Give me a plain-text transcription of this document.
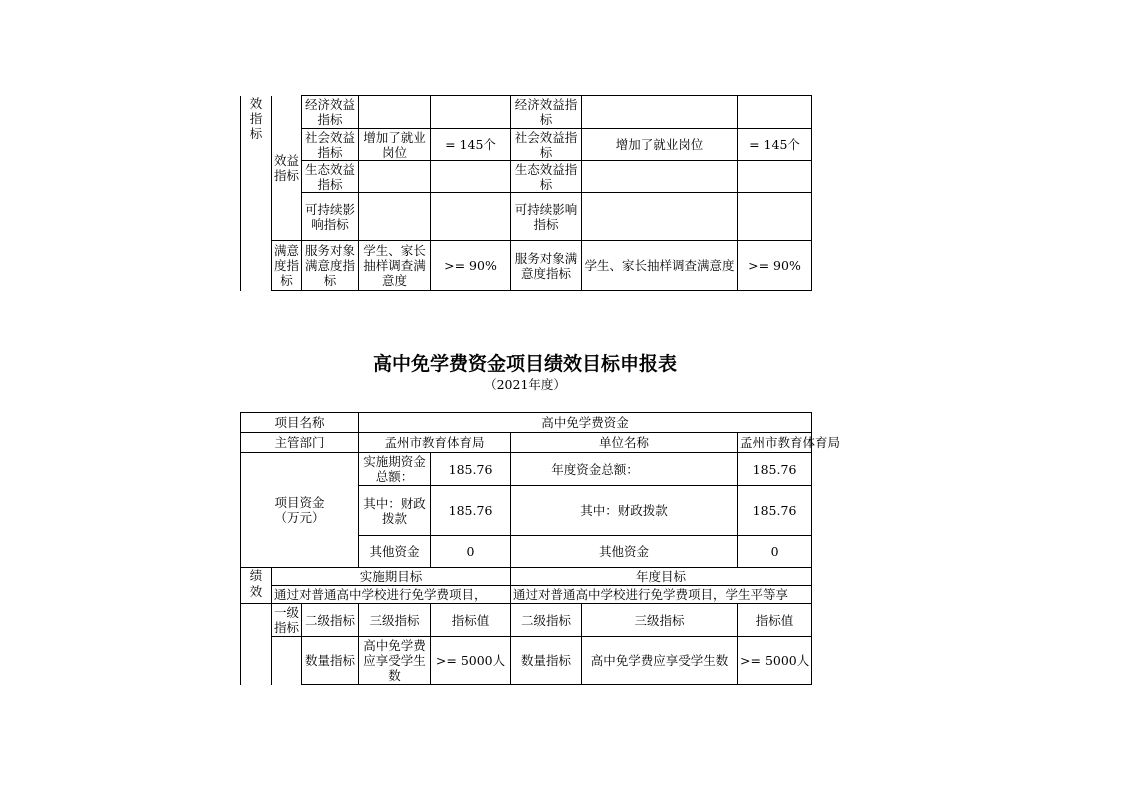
效指标	效益指标	经济效益指标			经济效益指标		
		社会效益指标	增加了就业岗位	= 145个	社会效益指标	增加了就业岗位	= 145个
		生态效益指标			生态效益指标		
		可持续影响指标			可持续影响指标		
	满意度指标	服务对象满意度指标	学生、家长抽样调查满意度	>= 90%	服务对象满意度指标	学生、家长抽样调查满意度	>= 90%
高中免学费资金项目绩效目标申报表
（2021年度）
项目名称			高中免学费资金				
主管部门			孟州市教育体育局		单位名称		孟州市教育体育局

项目资金（万元）			实施期资金总额：	185.76	年度资金总额：		185.76
			其中：财政拨款	185.76	其中：财政拨款		185.76
			其他资金	0	其他资金		0
绩效	实施期目标				年度目标		
	通过对普通高中学校进行免学费项目，				通过对普通高中学校进行免学费项目，学生平等享		
	一级指标	二级指标	三级指标	指标值	二级指标	三级指标	指标值
		数量指标	高中免学费应享受学生数	>= 5000人	数量指标	高中免学费应享受学生数	>= 5000人
